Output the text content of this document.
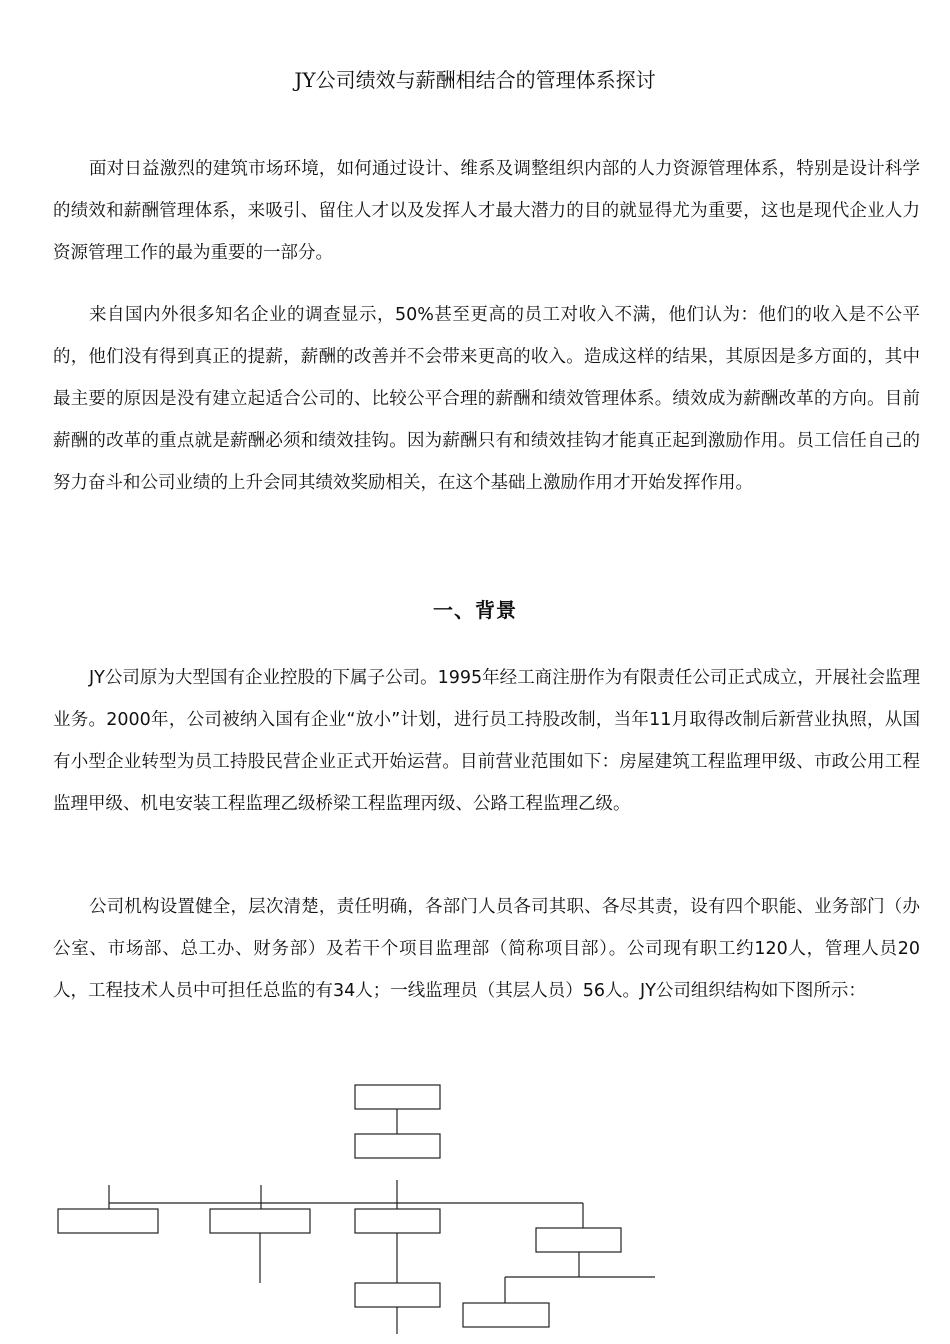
JY公司绩效与薪酬相结合的管理体系探讨

面对日益激烈的建筑市场环境，如何通过设计、维系及调整组织内部的人力资源管理体系，特别是设计科学的绩效和薪酬管理体系，来吸引、留住人才以及发挥人才最大潜力的目的就显得尤为重要，这也是现代企业人力资源管理工作的最为重要的一部分。

来自国内外很多知名企业的调查显示，50%甚至更高的员工对收入不满，他们认为：他们的收入是不公平的，他们没有得到真正的提薪，薪酬的改善并不会带来更高的收入。造成这样的结果，其原因是多方面的，其中最主要的原因是没有建立起适合公司的、比较公平合理的薪酬和绩效管理体系。绩效成为薪酬改革的方向。目前薪酬的改革的重点就是薪酬必须和绩效挂钩。因为薪酬只有和绩效挂钩才能真正起到激励作用。员工信任自己的努力奋斗和公司业绩的上升会同其绩效奖励相关，在这个基础上激励作用才开始发挥作用。

一、背景

JY公司原为大型国有企业控股的下属子公司。1995年经工商注册作为有限责任公司正式成立，开展社会监理业务。2000年，公司被纳入国有企业“放小”计划，进行员工持股改制，当年11月取得改制后新营业执照，从国有小型企业转型为员工持股民营企业正式开始运营。目前营业范围如下：房屋建筑工程监理甲级、市政公用工程监理甲级、机电安装工程监理乙级桥梁工程监理丙级、公路工程监理乙级。

公司机构设置健全，层次清楚，责任明确，各部门人员各司其职、各尽其责，设有四个职能、业务部门（办公室、市场部、总工办、财务部）及若干个项目监理部（简称项目部）。公司现有职工约120人，管理人员20人，工程技术人员中可担任总监的有34人；一线监理员（其层人员）56人。JY公司组织结构如下图所示：
